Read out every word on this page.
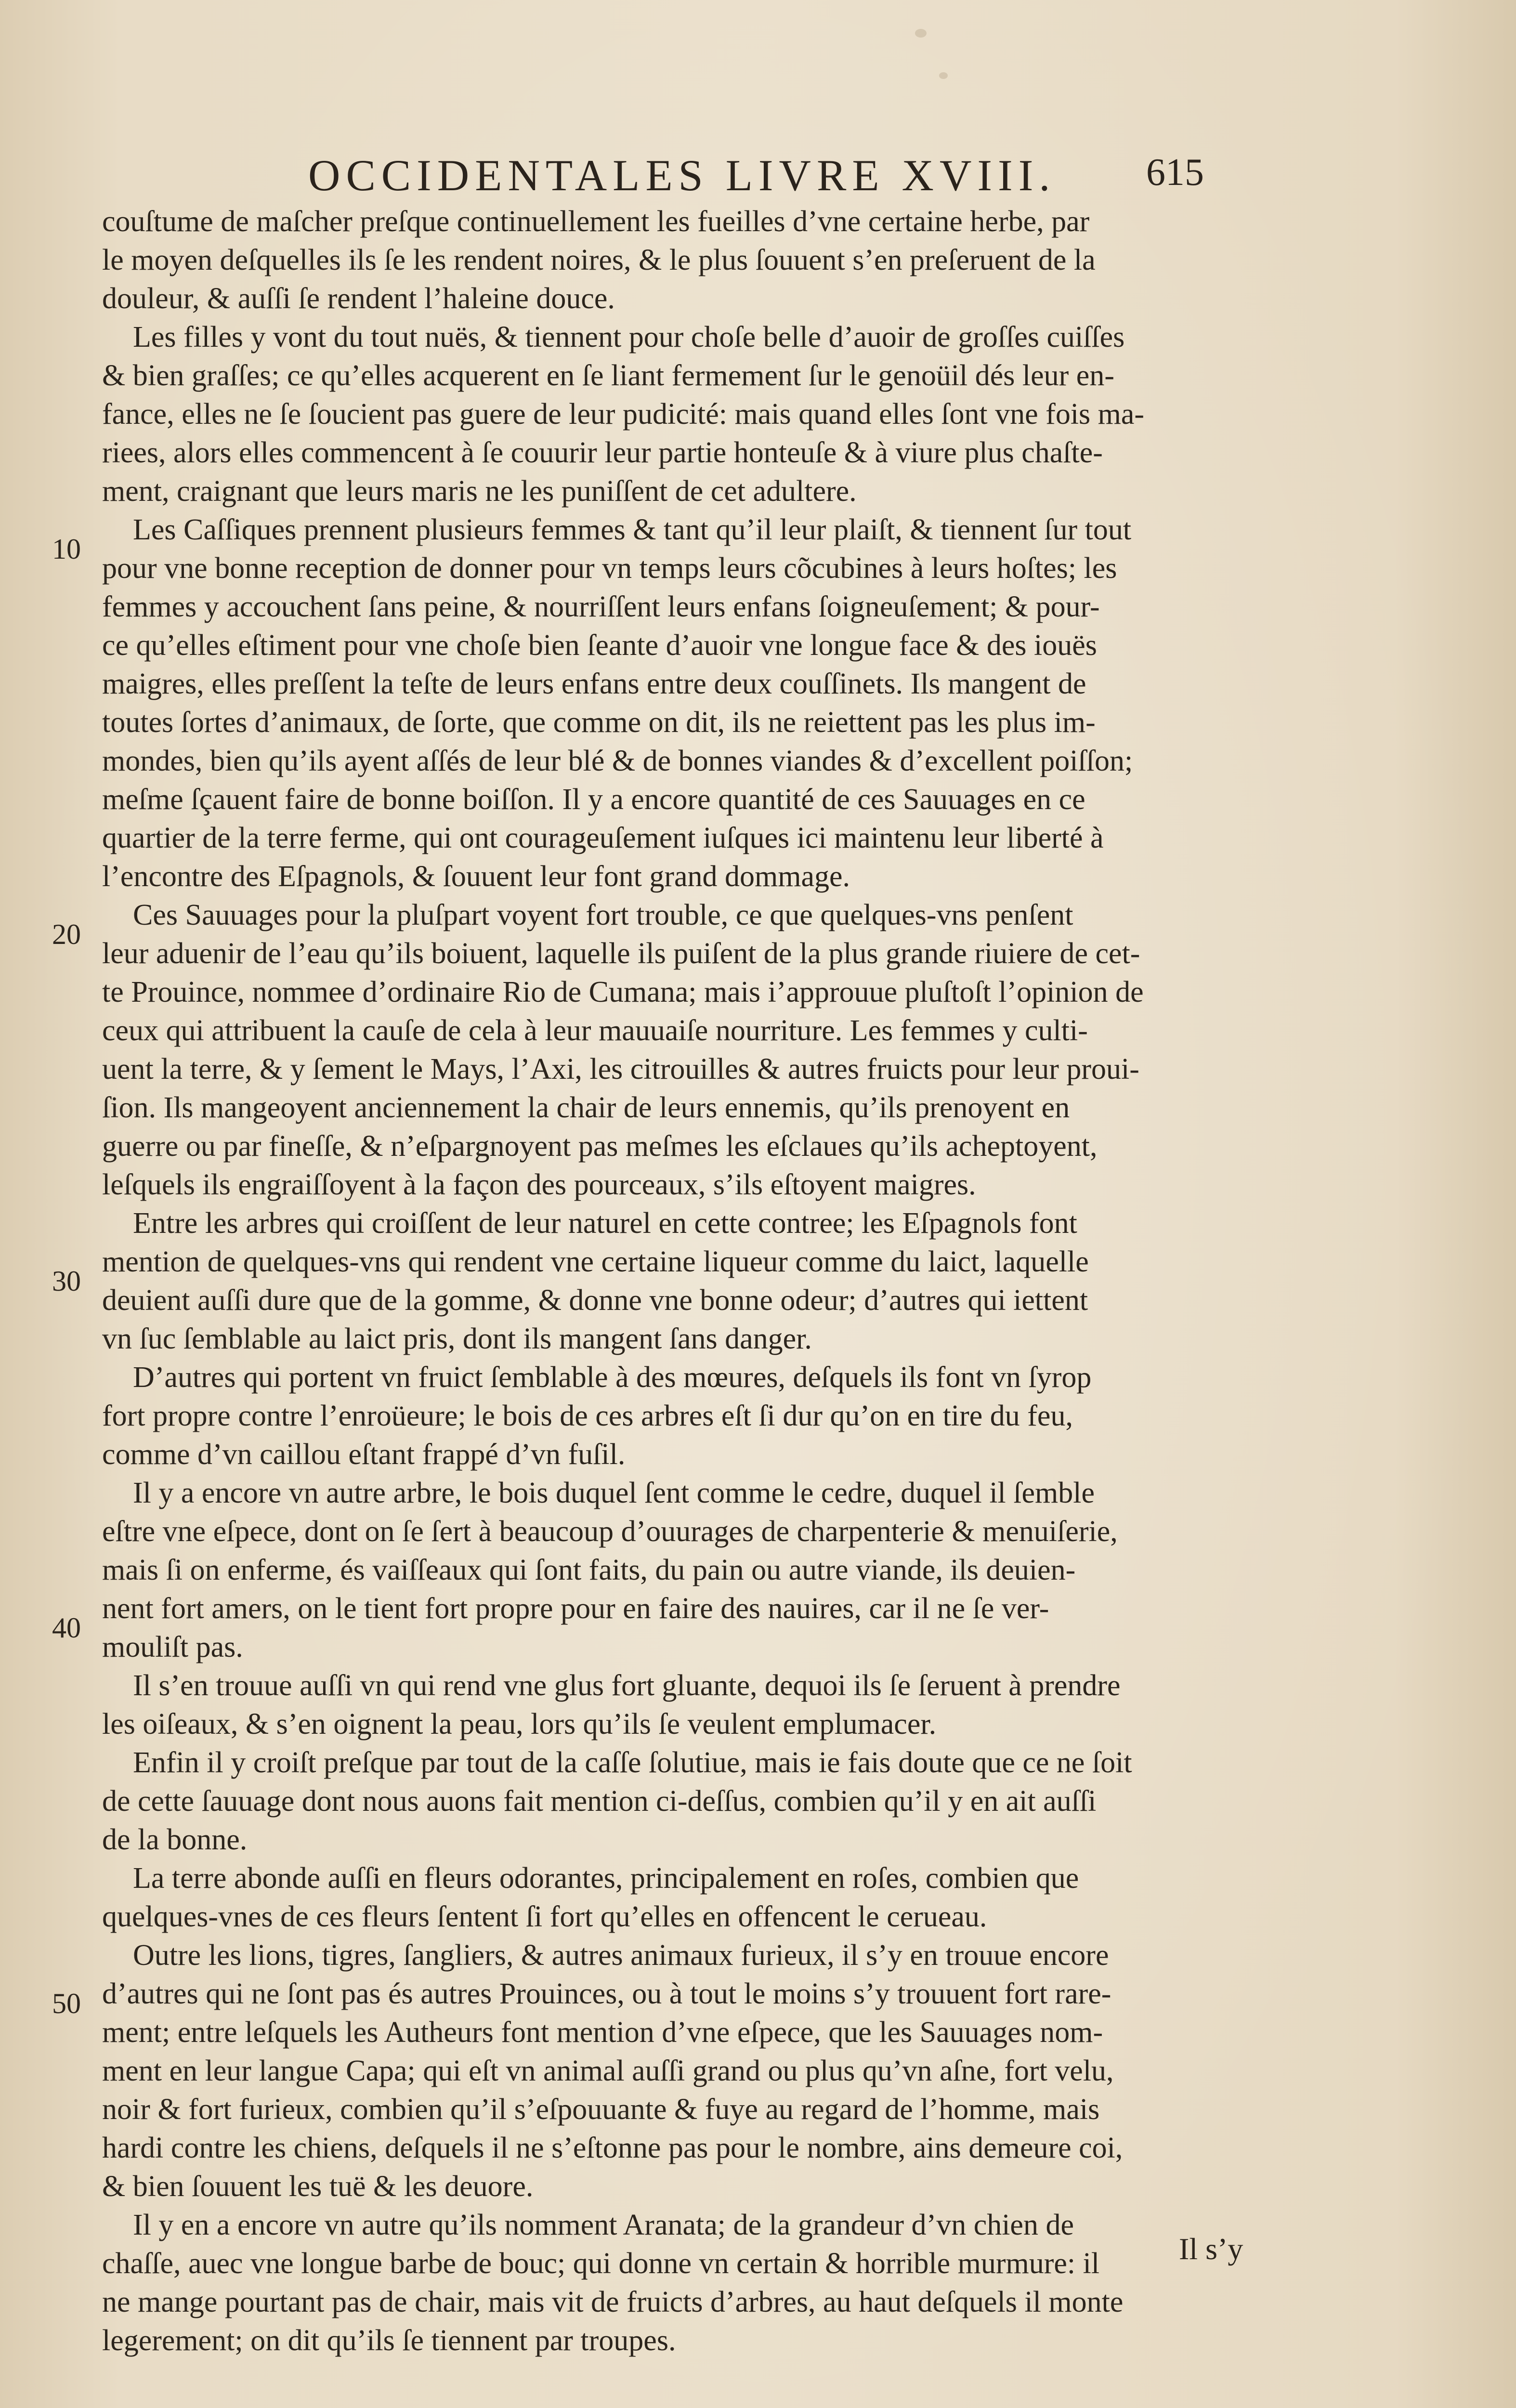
OCCIDENTALES LIVRE XVIII.	615
10
20
30
40
50
couſtume de maſcher preſque continuellement les fueilles d’vne certaine herbe, par
le moyen deſquelles ils ſe les rendent noires, & le plus ſouuent s’en preſeruent de la
douleur, & auſſi ſe rendent l’haleine douce.
Les filles y vont du tout nuës, & tiennent pour choſe belle d’auoir de groſſes cuiſſes
& bien graſſes; ce qu’elles acquerent en ſe liant fermement ſur le genoüil dés leur en-
fance, elles ne ſe ſoucient pas guere de leur pudicité: mais quand elles ſont vne fois ma-
riees, alors elles commencent à ſe couurir leur partie honteuſe & à viure plus chaſte-
ment, craignant que leurs maris ne les puniſſent de cet adultere.
Les Caſſiques prennent plusieurs femmes & tant qu’il leur plaiſt, & tiennent ſur tout
pour vne bonne reception de donner pour vn temps leurs cõcubines à leurs hoſtes; les
femmes y accouchent ſans peine, & nourriſſent leurs enfans ſoigneuſement; & pour-
ce qu’elles eſtiment pour vne choſe bien ſeante d’auoir vne longue face & des iouës
maigres, elles preſſent la teſte de leurs enfans entre deux couſſinets. Ils mangent de
toutes ſortes d’animaux, de ſorte, que comme on dit, ils ne reiettent pas les plus im-
mondes, bien qu’ils ayent aſſés de leur blé & de bonnes viandes & d’excellent poiſſon;
meſme ſçauent faire de bonne boiſſon. Il y a encore quantité de ces Sauuages en ce
quartier de la terre ferme, qui ont courageuſement iuſques ici maintenu leur liberté à
l’encontre des Eſpagnols, & ſouuent leur font grand dommage.
Ces Sauuages pour la pluſpart voyent fort trouble, ce que quelques-vns penſent
leur aduenir de l’eau qu’ils boiuent, laquelle ils puiſent de la plus grande riuiere de cet-
te Prouince, nommee d’ordinaire Rio de Cumana; mais i’approuue pluſtoſt l’opinion de
ceux qui attribuent la cauſe de cela à leur mauuaiſe nourriture. Les femmes y culti-
uent la terre, & y ſement le Mays, l’Axi, les citrouilles & autres fruicts pour leur proui-
ſion. Ils mangeoyent anciennement la chair de leurs ennemis, qu’ils prenoyent en
guerre ou par fineſſe, & n’eſpargnoyent pas meſmes les eſclaues qu’ils acheptoyent,
leſquels ils engraiſſoyent à la façon des pourceaux, s’ils eſtoyent maigres.
Entre les arbres qui croiſſent de leur naturel en cette contree; les Eſpagnols font
mention de quelques-vns qui rendent vne certaine liqueur comme du laict, laquelle
deuient auſſi dure que de la gomme, & donne vne bonne odeur; d’autres qui iettent
vn ſuc ſemblable au laict pris, dont ils mangent ſans danger.
D’autres qui portent vn fruict ſemblable à des mœures, deſquels ils font vn ſyrop
fort propre contre l’enroüeure; le bois de ces arbres eſt ſi dur qu’on en tire du feu,
comme d’vn caillou eſtant frappé d’vn fuſil.
Il y a encore vn autre arbre, le bois duquel ſent comme le cedre, duquel il ſemble
eſtre vne eſpece, dont on ſe ſert à beaucoup d’ouurages de charpenterie & menuiſerie,
mais ſi on enferme, és vaiſſeaux qui ſont faits, du pain ou autre viande, ils deuien-
nent fort amers, on le tient fort propre pour en faire des nauires, car il ne ſe ver-
mouliſt pas.
Il s’en trouue auſſi vn qui rend vne glus fort gluante, dequoi ils ſe ſeruent à prendre
les oiſeaux, & s’en oignent la peau, lors qu’ils ſe veulent emplumacer.
Enfin il y croiſt preſque par tout de la caſſe ſolutiue, mais ie fais doute que ce ne ſoit
de cette ſauuage dont nous auons fait mention ci-deſſus, combien qu’il y en ait auſſi
de la bonne.
La terre abonde auſſi en fleurs odorantes, principalement en roſes, combien que
quelques-vnes de ces fleurs ſentent ſi fort qu’elles en offencent le cerueau.
Outre les lions, tigres, ſangliers, & autres animaux furieux, il s’y en trouue encore
d’autres qui ne ſont pas és autres Prouinces, ou à tout le moins s’y trouuent fort rare-
ment; entre leſquels les Autheurs font mention d’vne eſpece, que les Sauuages nom-
ment en leur langue Capa; qui eſt vn animal auſſi grand ou plus qu’vn aſne, fort velu,
noir & fort furieux, combien qu’il s’eſpouuante & fuye au regard de l’homme, mais
hardi contre les chiens, deſquels il ne s’eſtonne pas pour le nombre, ains demeure coi,
& bien ſouuent les tuë & les deuore.
Il y en a encore vn autre qu’ils nomment Aranata; de la grandeur d’vn chien de
chaſſe, auec vne longue barbe de bouc; qui donne vn certain & horrible murmure: il
ne mange pourtant pas de chair, mais vit de fruicts d’arbres, au haut deſquels il monte
legerement; on dit qu’ils ſe tiennent par troupes.
Il s’y
